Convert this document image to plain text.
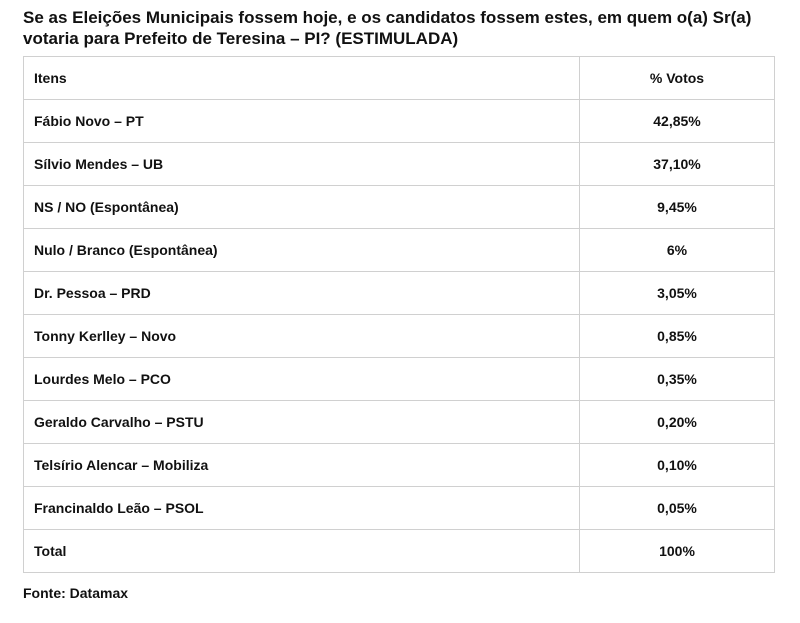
Se as Eleições Municipais fossem hoje, e os candidatos fossem estes, em quem o(a) Sr(a) votaria para Prefeito de Teresina – PI? (ESTIMULADA)
Itens	% Votos
Fábio Novo – PT	42,85%
Sílvio Mendes – UB	37,10%
NS / NO (Espontânea)	9,45%
Nulo / Branco (Espontânea)	6%
Dr. Pessoa – PRD	3,05%
Tonny Kerlley – Novo	0,85%
Lourdes Melo – PCO	0,35%
Geraldo Carvalho – PSTU	0,20%
Telsírio Alencar – Mobiliza	0,10%
Francinaldo Leão – PSOL	0,05%
Total	100%
Fonte: Datamax
